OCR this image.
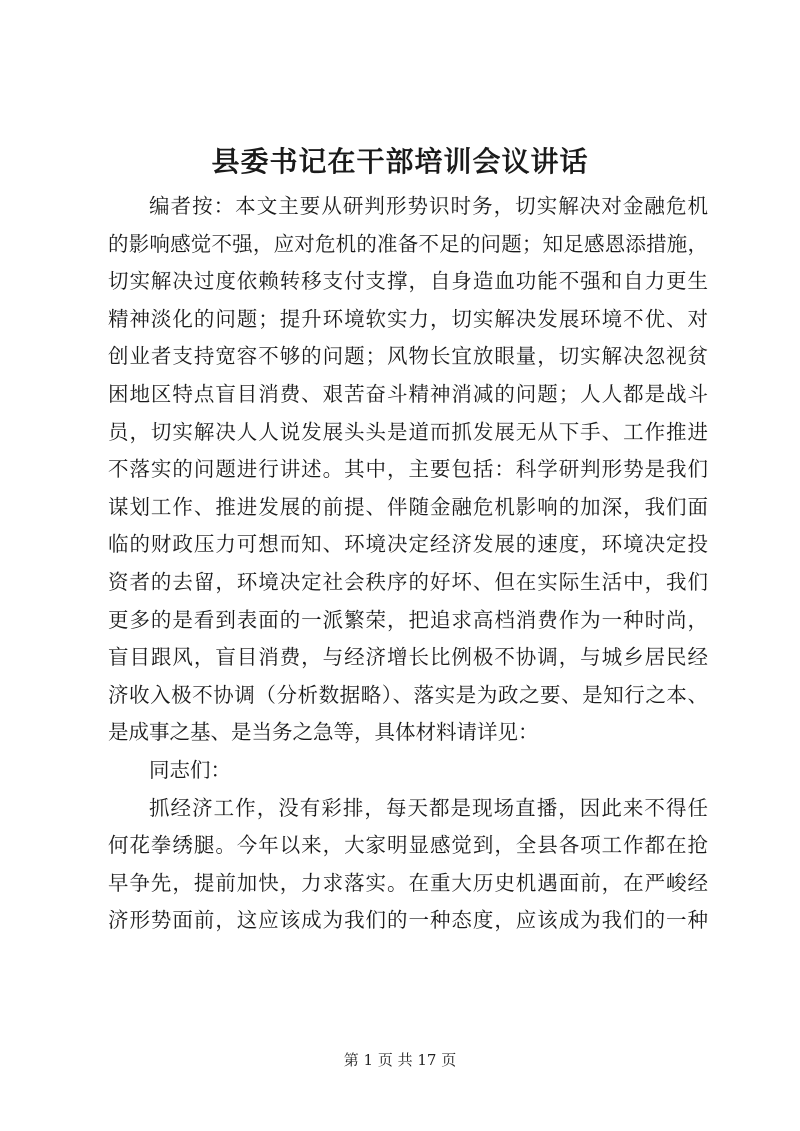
县委书记在干部培训会议讲话
编者按：本文主要从研判形势识时务，切实解决对金融危机
的影响感觉不强，应对危机的准备不足的问题；知足感恩添措施，
切实解决过度依赖转移支付支撑，自身造血功能不强和自力更生
精神淡化的问题；提升环境软实力，切实解决发展环境不优、对
创业者支持宽容不够的问题；风物长宜放眼量，切实解决忽视贫
困地区特点盲目消费、艰苦奋斗精神消减的问题；人人都是战斗
员，切实解决人人说发展头头是道而抓发展无从下手、工作推进
不落实的问题进行讲述。其中，主要包括：科学研判形势是我们
谋划工作、推进发展的前提、伴随金融危机影响的加深，我们面
临的财政压力可想而知、环境决定经济发展的速度，环境决定投
资者的去留，环境决定社会秩序的好坏、但在实际生活中，我们
更多的是看到表面的一派繁荣，把追求高档消费作为一种时尚，
盲目跟风，盲目消费，与经济增长比例极不协调，与城乡居民经
济收入极不协调（分析数据略）、落实是为政之要、是知行之本、
是成事之基、是当务之急等，具体材料请详见：
同志们：
抓经济工作，没有彩排，每天都是现场直播，因此来不得任
何花拳绣腿。今年以来，大家明显感觉到，全县各项工作都在抢
早争先，提前加快，力求落实。在重大历史机遇面前，在严峻经
济形势面前，这应该成为我们的一种态度，应该成为我们的一种
第 1 页 共 17 页
